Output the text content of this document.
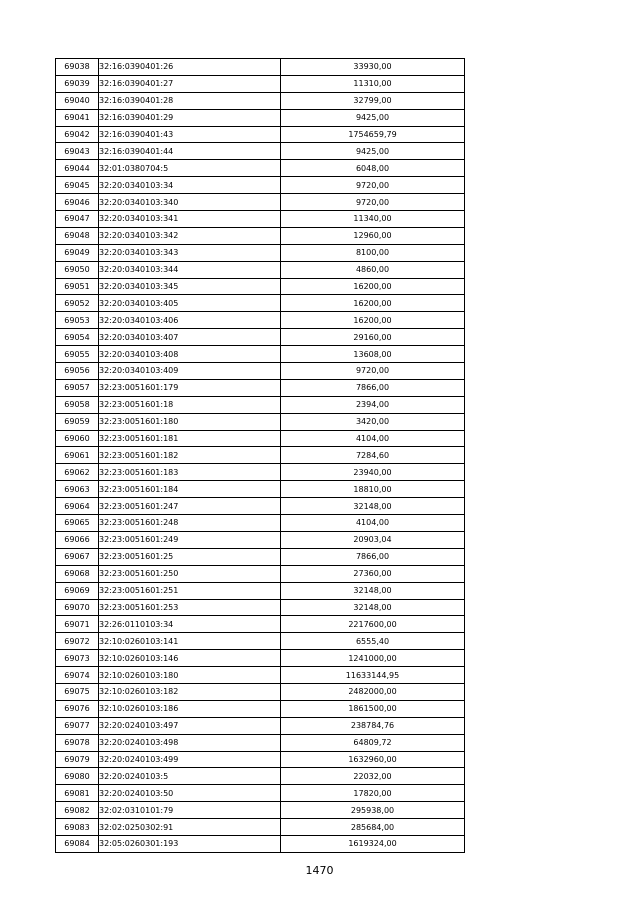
69038	32:16:0390401:26	33930,00
69039	32:16:0390401:27	11310,00
69040	32:16:0390401:28	32799,00
69041	32:16:0390401:29	9425,00
69042	32:16:0390401:43	1754659,79
69043	32:16:0390401:44	9425,00
69044	32:01:0380704:5	6048,00
69045	32:20:0340103:34	9720,00
69046	32:20:0340103:340	9720,00
69047	32:20:0340103:341	11340,00
69048	32:20:0340103:342	12960,00
69049	32:20:0340103:343	8100,00
69050	32:20:0340103:344	4860,00
69051	32:20:0340103:345	16200,00
69052	32:20:0340103:405	16200,00
69053	32:20:0340103:406	16200,00
69054	32:20:0340103:407	29160,00
69055	32:20:0340103:408	13608,00
69056	32:20:0340103:409	9720,00
69057	32:23:0051601:179	7866,00
69058	32:23:0051601:18	2394,00
69059	32:23:0051601:180	3420,00
69060	32:23:0051601:181	4104,00
69061	32:23:0051601:182	7284,60
69062	32:23:0051601:183	23940,00
69063	32:23:0051601:184	18810,00
69064	32:23:0051601:247	32148,00
69065	32:23:0051601:248	4104,00
69066	32:23:0051601:249	20903,04
69067	32:23:0051601:25	7866,00
69068	32:23:0051601:250	27360,00
69069	32:23:0051601:251	32148,00
69070	32:23:0051601:253	32148,00
69071	32:26:0110103:34	2217600,00
69072	32:10:0260103:141	6555,40
69073	32:10:0260103:146	1241000,00
69074	32:10:0260103:180	11633144,95
69075	32:10:0260103:182	2482000,00
69076	32:10:0260103:186	1861500,00
69077	32:20:0240103:497	238784,76
69078	32:20:0240103:498	64809,72
69079	32:20:0240103:499	1632960,00
69080	32:20:0240103:5	22032,00
69081	32:20:0240103:50	17820,00
69082	32:02:0310101:79	295938,00
69083	32:02:0250302:91	285684,00
69084	32:05:0260301:193	1619324,00
1470
